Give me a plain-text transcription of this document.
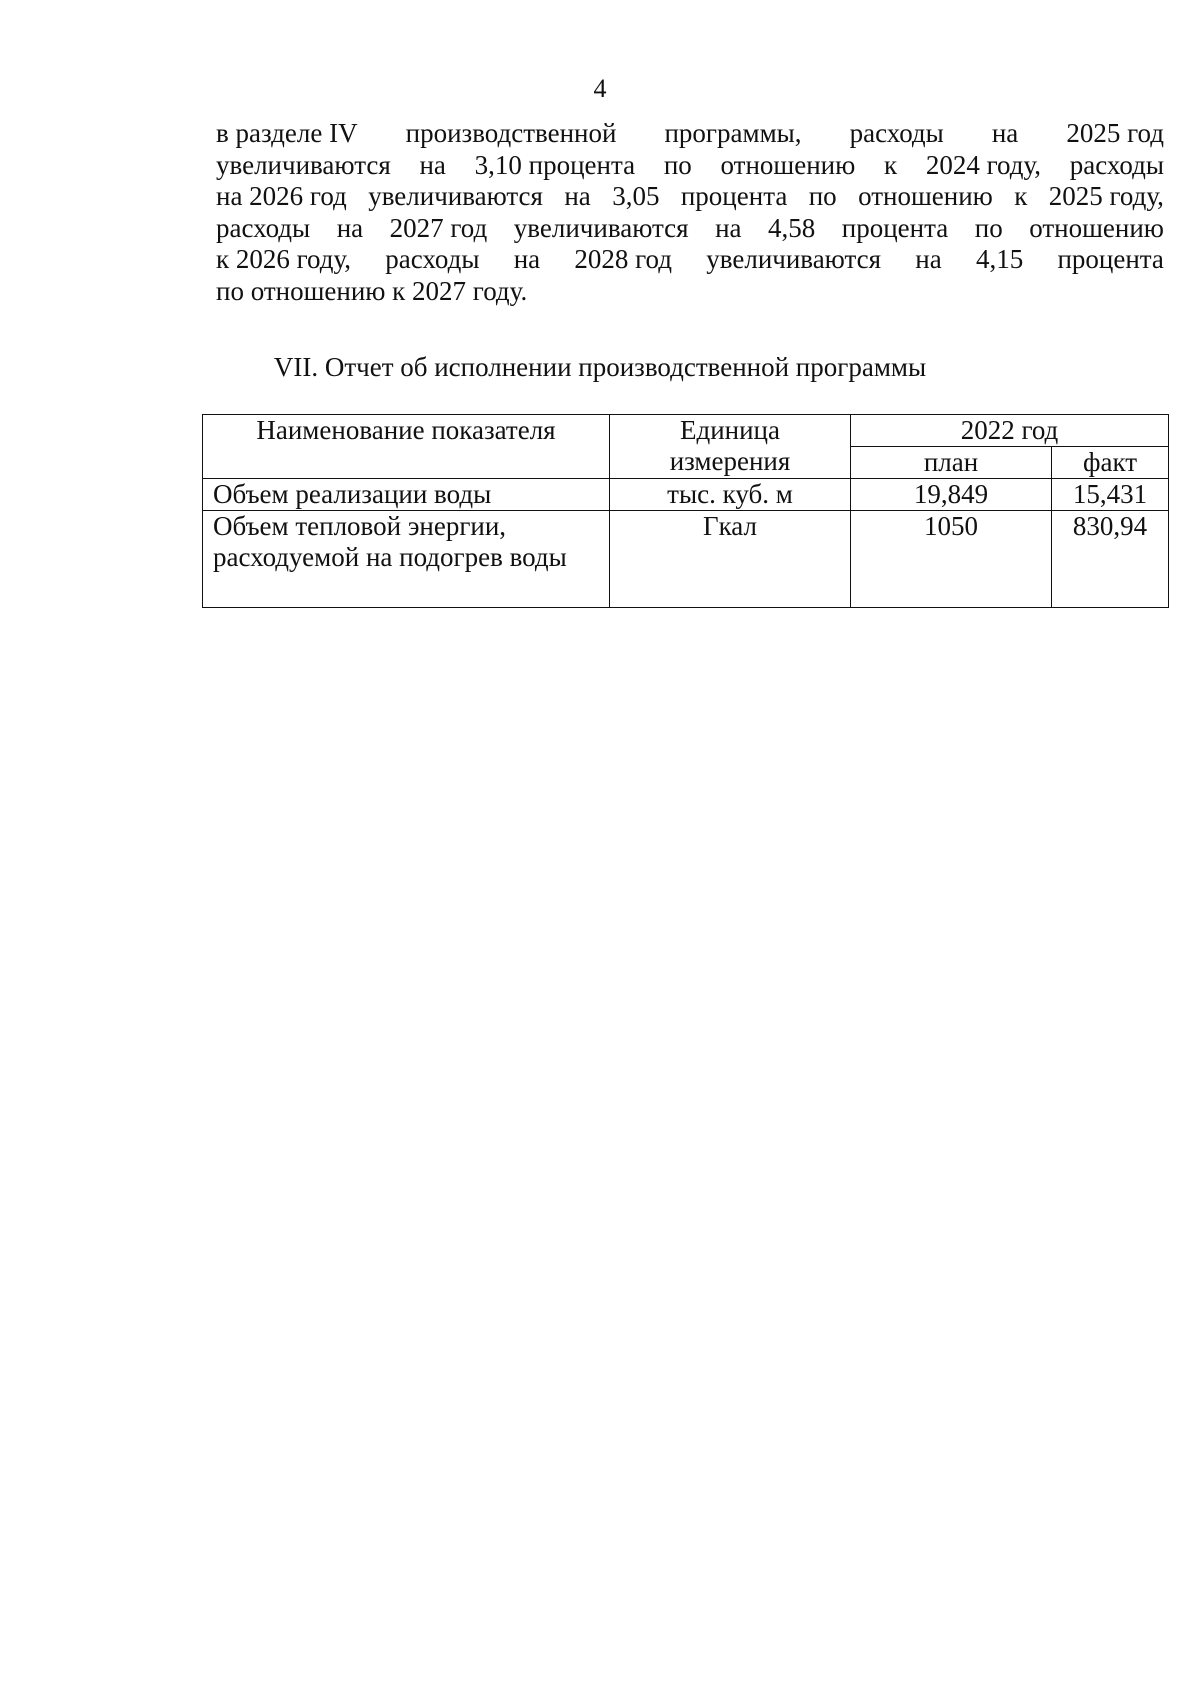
4
в разделе IV производственной программы, расходы на 2025 год
увеличиваются на 3,10 процента по отношению к 2024 году, расходы
на 2026 год увеличиваются на 3,05 процента по отношению к 2025 году,
расходы на 2027 год увеличиваются на 4,58 процента по отношению
к 2026 году, расходы на 2028 год увеличиваются на 4,15 процента
по отношению к 2027 году.
VII. Отчет об исполнении производственной программы
Наименование показателя	Единица измерения	2022 год	
		план	факт
Объем реализации воды	тыс. куб. м	19,849	15,431
Объем тепловой энергии, расходуемой на подогрев воды	Гкал	1050	830,94
